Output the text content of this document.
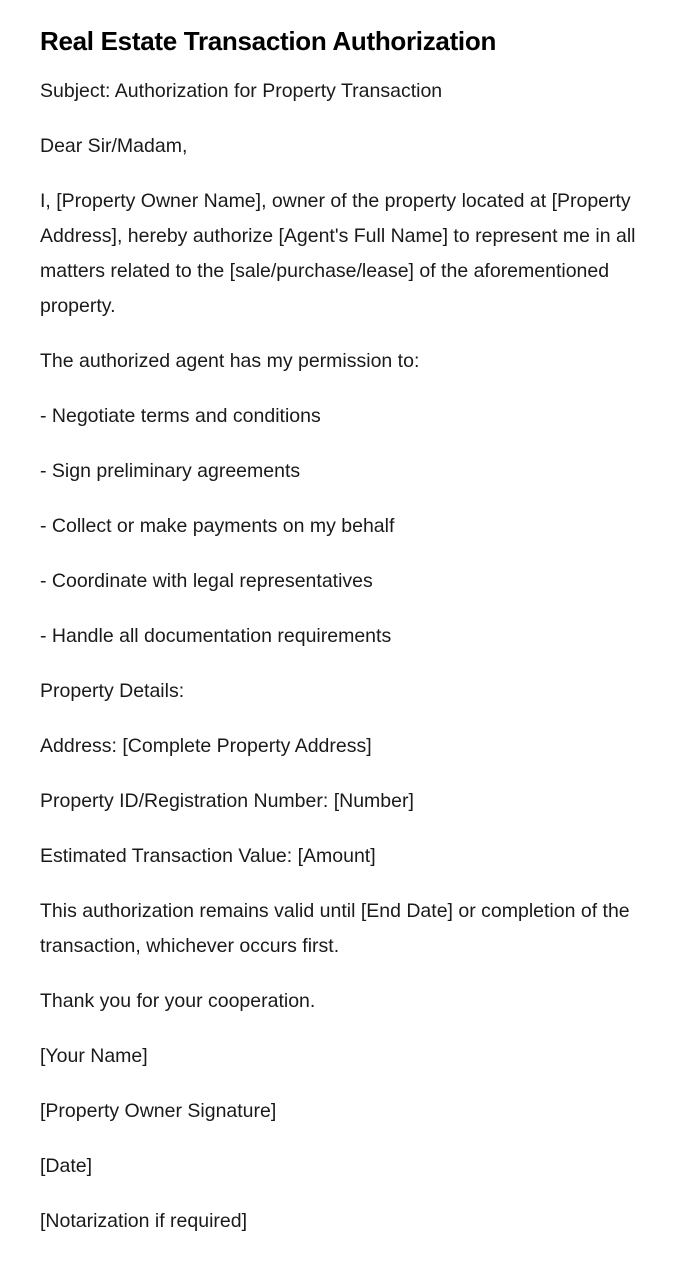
Real Estate Transaction Authorization

Subject: Authorization for Property Transaction

Dear Sir/Madam,

I, [Property Owner Name], owner of the property located at [Property Address], hereby authorize [Agent's Full Name] to represent me in all matters related to the [sale/purchase/lease] of the aforementioned property.

The authorized agent has my permission to:

- Negotiate terms and conditions

- Sign preliminary agreements

- Collect or make payments on my behalf

- Coordinate with legal representatives

- Handle all documentation requirements

Property Details:

Address: [Complete Property Address]

Property ID/Registration Number: [Number]

Estimated Transaction Value: [Amount]

This authorization remains valid until [End Date] or completion of the transaction, whichever occurs first.

Thank you for your cooperation.

[Your Name]

[Property Owner Signature]

[Date]

[Notarization if required]
